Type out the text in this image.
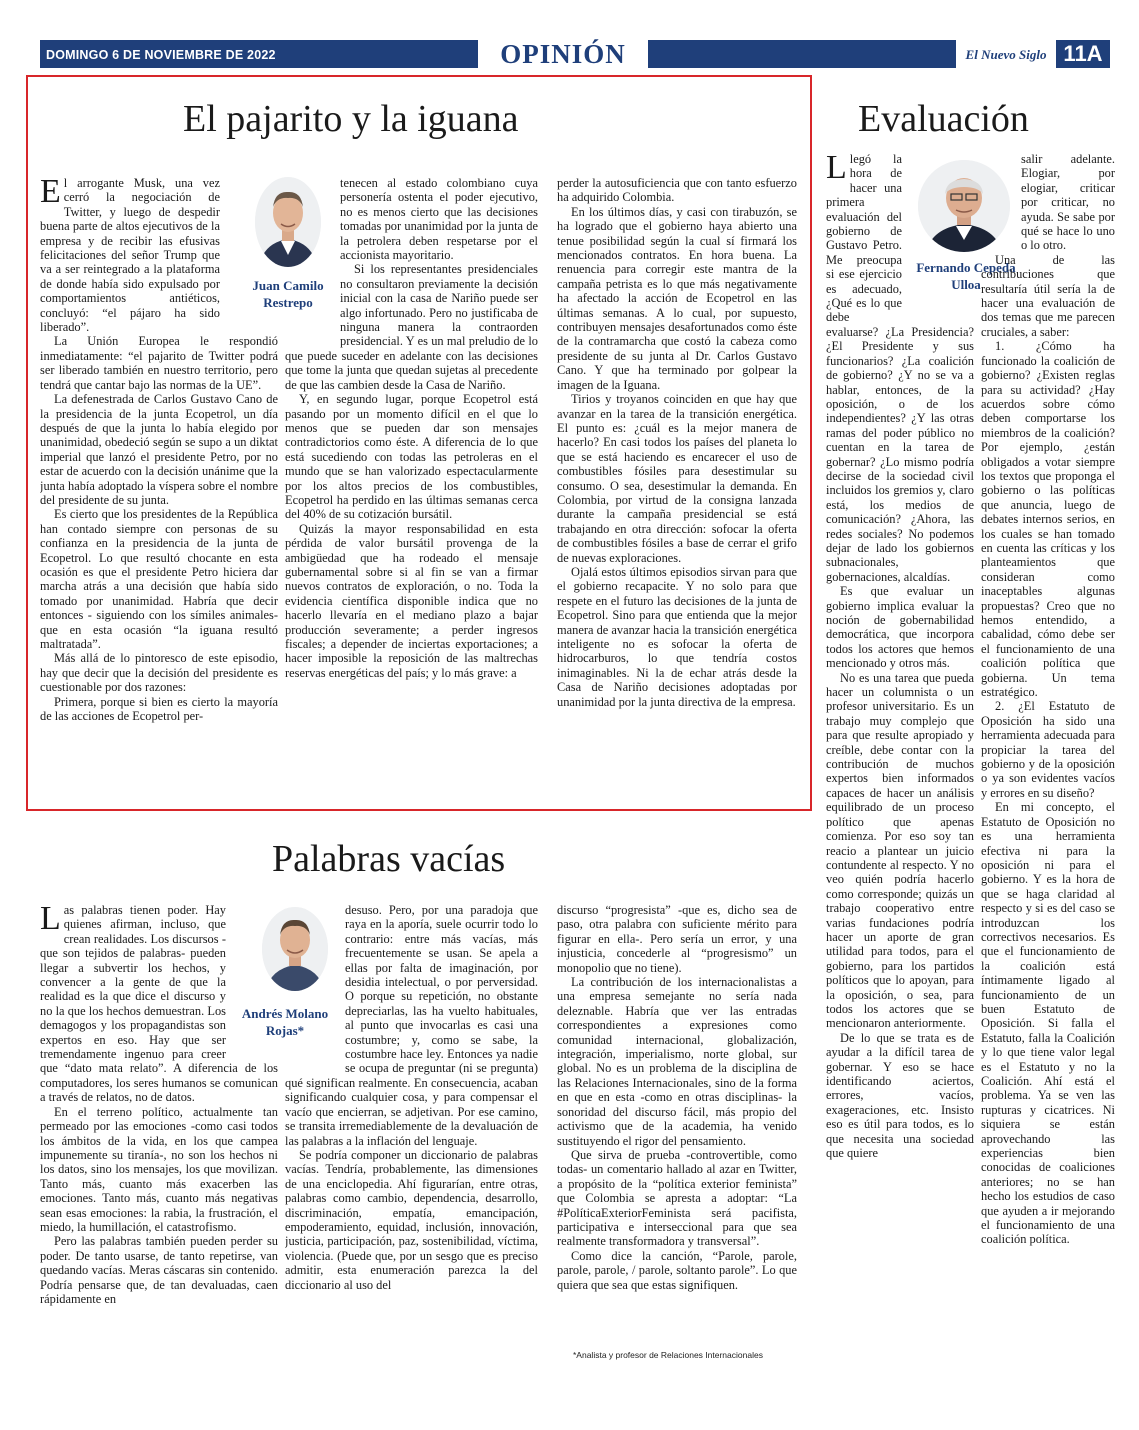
DOMINGO 6 DE NOVIEMBRE DE 2022	OPINIÓN	El Nuevo Siglo 11A
El pajarito y la iguana
Juan Camilo Restrepo

El arrogante Musk, una vez cerró la negociación de Twitter, y luego de despedir buena parte de altos ejecutivos de la empresa y de recibir las efusivas felicitaciones del señor Trump que va a ser reintegrado a la plataforma de donde había sido expulsado por comportamientos antiéticos, concluyó: “el pájaro ha sido liberado”.

La Unión Europea le respondió inmediatamente: “el pajarito de Twitter podrá ser liberado también en nuestro territorio, pero tendrá que cantar bajo las normas de la UE”.

La defenestrada de Carlos Gustavo Cano de la presidencia de la junta Ecopetrol, un día después de que la junta lo había elegido por unanimidad, obedeció según se supo a un diktat imperial que lanzó el presidente Petro, por no estar de acuerdo con la decisión unánime que la junta había adoptado la víspera sobre el nombre del presidente de su junta.

Es cierto que los presidentes de la República han contado siempre con personas de su confianza en la presidencia de la junta de Ecopetrol. Lo que resultó chocante en esta ocasión es que el presidente Petro hiciera dar marcha atrás a una decisión que había sido tomado por unanimidad. Habría que decir entonces - siguiendo con los símiles animales- que en esta ocasión “la iguana resultó maltratada”.

Más allá de lo pintoresco de este episodio, hay que decir que la decisión del presidente es cuestionable por dos razones:

Primera, porque si bien es cierto la mayoría de las acciones de Ecopetrol per-

tenecen al estado colombiano cuya personería ostenta el poder ejecutivo, no es menos cierto que las decisiones tomadas por unanimidad por la junta de la petrolera deben respetarse por el accionista mayoritario.

Si los representantes presidenciales no consultaron previamente la decisión inicial con la casa de Nariño puede ser algo infortunado. Pero no justificaba de ninguna manera la contraorden presidencial. Y es un mal preludio de lo que puede suceder en adelante con las decisiones que tome la junta que quedan sujetas al precedente de que las cambien desde la Casa de Nariño.

Y, en segundo lugar, porque Ecopetrol está pasando por un momento difícil en el que lo menos que se pueden dar son mensajes contradictorios como éste. A diferencia de lo que está sucediendo con todas las petroleras en el mundo que se han valorizado espectacularmente por los altos precios de los combustibles, Ecopetrol ha perdido en las últimas semanas cerca del 40% de su cotización bursátil.

Quizás la mayor responsabilidad en esta pérdida de valor bursátil provenga de la ambigüedad que ha rodeado el mensaje gubernamental sobre si al fin se van a firmar nuevos contratos de exploración, o no. Toda la evidencia científica disponible indica que no hacerlo llevaría en el mediano plazo a bajar producción severamente; a perder ingresos fiscales; a depender de inciertas exportaciones; a hacer imposible la reposición de las maltrechas reservas energéticas del país; y lo más grave: a

perder la autosuficiencia que con tanto esfuerzo ha adquirido Colombia.

En los últimos días, y casi con tirabuzón, se ha logrado que el gobierno haya abierto una tenue posibilidad según la cual sí firmará los mencionados contratos. En hora buena. La renuencia para corregir este mantra de la campaña petrista es lo que más negativamente ha afectado la acción de Ecopetrol en las últimas semanas. A lo cual, por supuesto, contribuyen mensajes desafortunados como éste de la contramarcha que costó la cabeza como presidente de su junta al Dr. Carlos Gustavo Cano. Y que ha terminado por golpear la imagen de la Iguana.

Tirios y troyanos coinciden en que hay que avanzar en la tarea de la transición energética. El punto es: ¿cuál es la mejor manera de hacerlo? En casi todos los países del planeta lo que se está haciendo es encarecer el uso de combustibles fósiles para desestimular su consumo. O sea, desestimular la demanda. En Colombia, por virtud de la consigna lanzada durante la campaña presidencial se está trabajando en otra dirección: sofocar la oferta de combustibles fósiles a base de cerrar el grifo de nuevas exploraciones.

Ojalá estos últimos episodios sirvan para que el gobierno recapacite. Y no solo para que respete en el futuro las decisiones de la junta de Ecopetrol. Sino para que entienda que la mejor manera de avanzar hacia la transición energética inteligente no es sofocar la oferta de hidrocarburos, lo que tendría costos inimaginables. Ni la de echar atrás desde la Casa de Nariño decisiones adoptadas por unanimidad por la junta directiva de la empresa.

Palabras vacías
Andrés Molano Rojas*

Las palabras tienen poder. Hay quienes afirman, incluso, que crean realidades. Los discursos -que son tejidos de palabras- pueden llegar a subvertir los hechos, y convencer a la gente de que la realidad es la que dice el discurso y no la que los hechos demuestran. Los demagogos y los propagandistas son expertos en eso. Hay que ser tremendamente ingenuo para creer que “dato mata relato”. A diferencia de los computadores, los seres humanos se comunican a través de relatos, no de datos.

En el terreno político, actualmente tan permeado por las emociones -como casi todos los ámbitos de la vida, en los que campea impunemente su tiranía-, no son los hechos ni los datos, sino los mensajes, los que movilizan. Tanto más, cuanto más exacerben las emociones. Tanto más, cuanto más negativas sean esas emociones: la rabia, la frustración, el miedo, la humillación, el catastrofismo.

Pero las palabras también pueden perder su poder. De tanto usarse, de tanto repetirse, van quedando vacías. Meras cáscaras sin contenido. Podría pensarse que, de tan devaluadas, caen rápidamente en

desuso. Pero, por una paradoja que raya en la aporía, suele ocurrir todo lo contrario: entre más vacías, más frecuentemente se usan. Se apela a ellas por falta de imaginación, por desidia intelectual, o por perversidad. O porque su repetición, no obstante depreciarlas, las ha vuelto habituales, al punto que invocarlas es casi una costumbre; y, como se sabe, la costumbre hace ley. Entonces ya nadie se ocupa de preguntar (ni se pregunta) qué significan realmente. En consecuencia, acaban significando cualquier cosa, y para compensar el vacío que encierran, se adjetivan. Por ese camino, se transita irremediablemente de la devaluación de las palabras a la inflación del lenguaje.

Se podría componer un diccionario de palabras vacías. Tendría, probablemente, las dimensiones de una enciclopedia. Ahí figurarían, entre otras, palabras como cambio, dependencia, desarrollo, discriminación, empatía, emancipación, empoderamiento, equidad, inclusión, innovación, justicia, participación, paz, sostenibilidad, víctima, violencia. (Puede que, por un sesgo que es preciso admitir, esta enumeración parezca la del diccionario al uso del

discurso “progresista” -que es, dicho sea de paso, otra palabra con suficiente mérito para figurar en ella-. Pero sería un error, y una injusticia, concederle al “progresismo” un monopolio que no tiene).

La contribución de los internacionalistas a una empresa semejante no sería nada deleznable. Habría que ver las entradas correspondientes a expresiones como comunidad internacional, globalización, integración, imperialismo, norte global, sur global. No es un problema de la disciplina de las Relaciones Internacionales, sino de la forma en que en esta -como en otras disciplinas- la sonoridad del discurso fácil, más propio del activismo que de la academia, ha venido sustituyendo el rigor del pensamiento.

Que sirva de prueba -controvertible, como todas- un comentario hallado al azar en Twitter, a propósito de la “política exterior feminista” que Colombia se apresta a adoptar: “La #PolíticaExteriorFeminista será pacifista, participativa e interseccional para que sea realmente transformadora y transversal”.

Como dice la canción, “Parole, parole, parole, parole, / parole, soltanto parole”. Lo que quiera que sea que estas signifiquen.

*Analista y profesor de Relaciones Internacionales
Evaluación
Fernando Cepeda Ulloa

Llegó la hora de hacer una primera evaluación del gobierno de Gustavo Petro. Me preocupa si ese ejercicio es adecuado, ¿Qué es lo que debe evaluarse? ¿La Presidencia? ¿El Presidente y sus funcionarios? ¿La coalición de gobierno? ¿Y no se va a hablar, entonces, de la oposición, o de los independientes? ¿Y las otras ramas del poder público no cuentan en la tarea de gobernar? ¿Lo mismo podría decirse de la sociedad civil incluidos los gremios y, claro está, los medios de comunicación? ¿Ahora, las redes sociales? No podemos dejar de lado los gobiernos subnacionales, gobernaciones, alcaldías.

Es que evaluar un gobierno implica evaluar la noción de gobernabilidad democrática, que incorpora todos los actores que hemos mencionado y otros más.

No es una tarea que pueda hacer un columnista o un profesor universitario. Es un trabajo muy complejo que para que resulte apropiado y creíble, debe contar con la contribución de muchos expertos bien informados capaces de hacer un análisis equilibrado de un proceso político que apenas comienza. Por eso soy tan reacio a plantear un juicio contundente al respecto. Y no veo quién podría hacerlo como corresponde; quizás un trabajo cooperativo entre varias fundaciones podría hacer un aporte de gran utilidad para todos, para el gobierno, para los partidos políticos que lo apoyan, para la oposición, o sea, para todos los actores que se mencionaron anteriormente.

De lo que se trata es de ayudar a la difícil tarea de gobernar. Y eso se hace identificando aciertos, errores, vacíos, exageraciones, etc. Insisto eso es útil para todos, es lo que necesita una sociedad que quiere

salir adelante. Elogiar, por elogiar, criticar por criticar, no ayuda. Se sabe por qué se hace lo uno o lo otro.

Una de las contribuciones que resultaría útil sería la de hacer una evaluación de dos temas que me parecen cruciales, a saber:

1. ¿Cómo ha funcionado la coalición de gobierno? ¿Existen reglas para su actividad? ¿Hay acuerdos sobre cómo deben comportarse los miembros de la coalición? Por ejemplo, ¿están obligados a votar siempre los textos que proponga el gobierno o las políticas que anuncia, luego de debates internos serios, en los cuales se han tomado en cuenta las críticas y los planteamientos que consideran como inaceptables algunas propuestas? Creo que no hemos entendido, a cabalidad, cómo debe ser el funcionamiento de una coalición política que gobierna. Un tema estratégico.

2. ¿El Estatuto de Oposición ha sido una herramienta adecuada para propiciar la tarea del gobierno y de la oposición o ya son evidentes vacíos y errores en su diseño?

En mi concepto, el Estatuto de Oposición no es una herramienta efectiva ni para la oposición ni para el gobierno. Y es la hora de que se haga claridad al respecto y si es del caso se introduzcan los correctivos necesarios. Es que el funcionamiento de la coalición está íntimamente ligado al funcionamiento de un buen Estatuto de Oposición. Si falla el Estatuto, falla la Coalición y lo que tiene valor legal es el Estatuto y no la Coalición. Ahí está el problema. Ya se ven las rupturas y cicatrices. Ni siquiera se están aprovechando las experiencias bien conocidas de coaliciones anteriores; no se han hecho los estudios de caso que ayuden a ir mejorando el funcionamiento de una coalición política.
